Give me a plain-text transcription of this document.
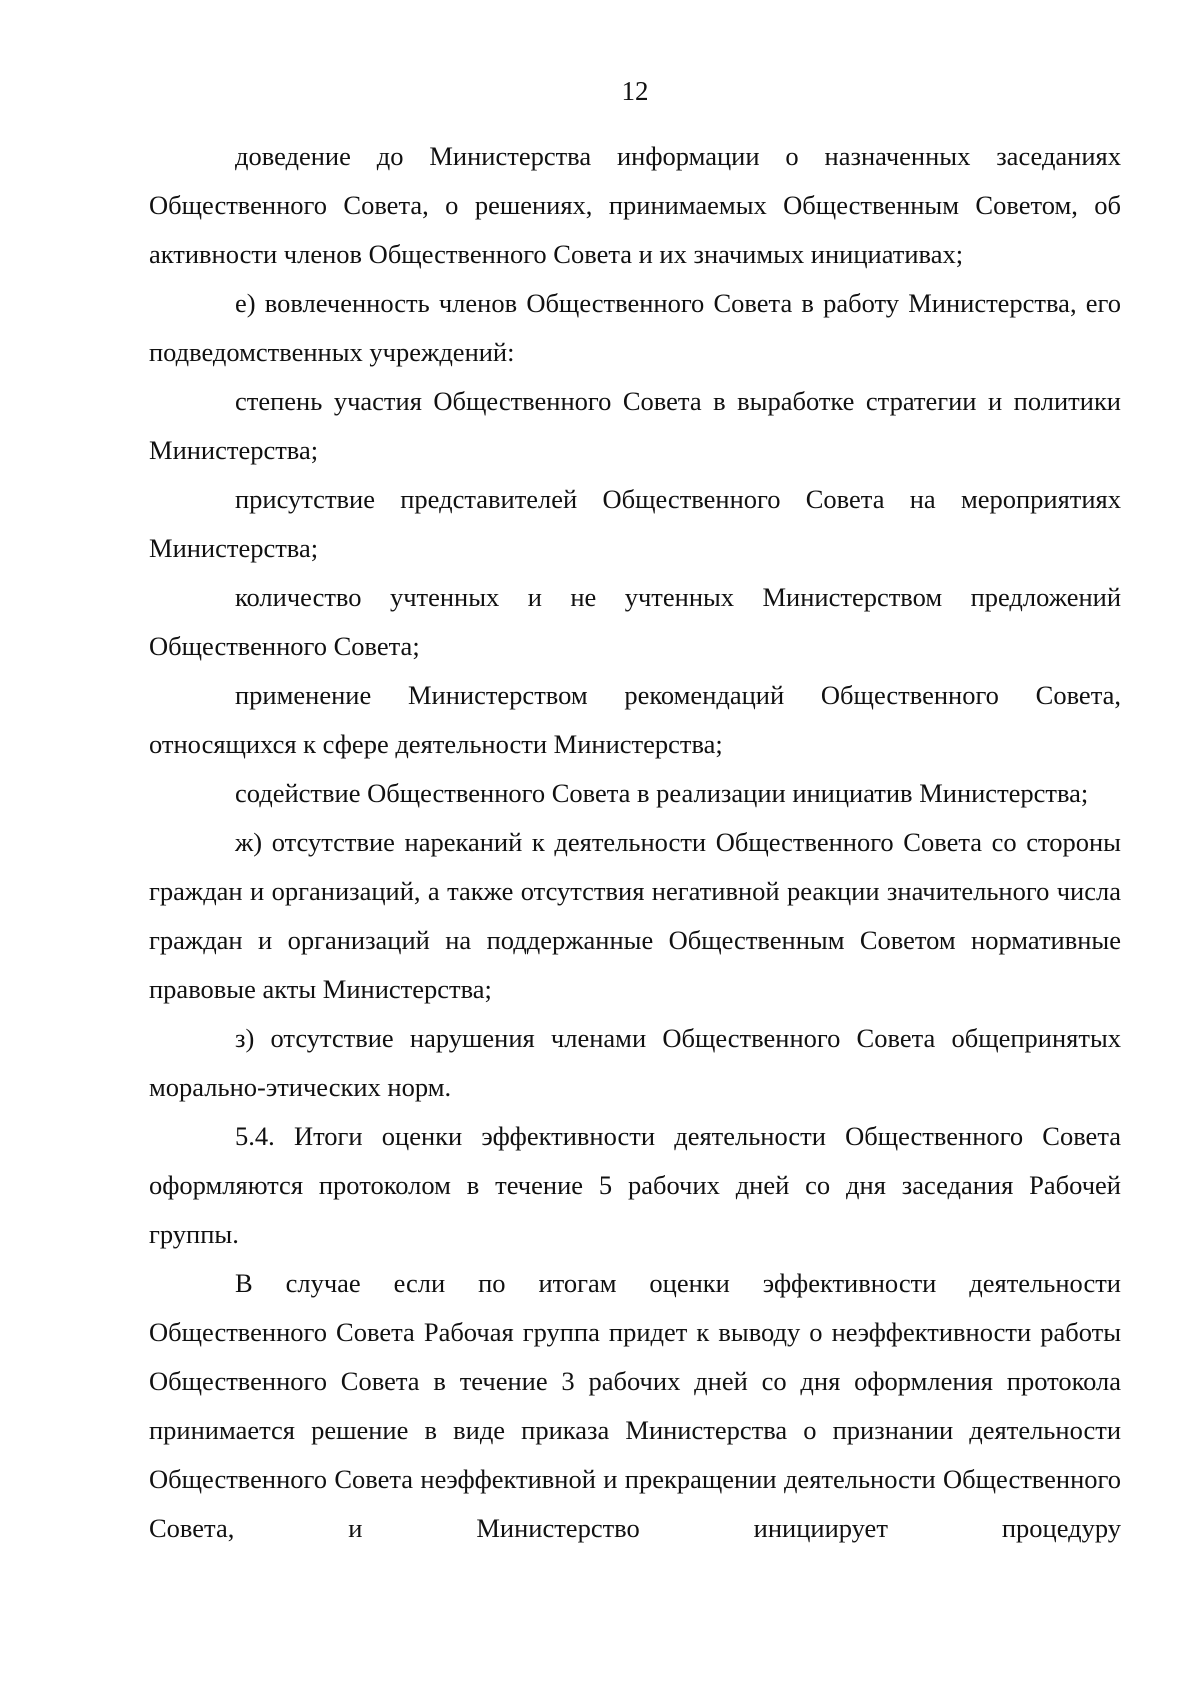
12

доведение до Министерства информации о назначенных заседаниях Общественного Совета, о решениях, принимаемых Общественным Советом, об активности членов Общественного Совета и их значимых инициативах;

е) вовлеченность членов Общественного Совета в работу Министерства, его подведомственных учреждений:

степень участия Общественного Совета в выработке стратегии и политики Министерства;

присутствие представителей Общественного Совета на мероприятиях Министерства;

количество учтенных и не учтенных Министерством предложений Общественного Совета;

применение Министерством рекомендаций Общественного Совета, относящихся к сфере деятельности Министерства;

содействие Общественного Совета в реализации инициатив Министерства;

ж) отсутствие нареканий к деятельности Общественного Совета со стороны граждан и организаций, а также отсутствия негативной реакции значительного числа граждан и организаций на поддержанные Общественным Советом нормативные правовые акты Министерства;

з) отсутствие нарушения членами Общественного Совета общепринятых морально-этических норм.

5.4. Итоги оценки эффективности деятельности Общественного Совета оформляются протоколом в течение 5 рабочих дней со дня заседания Рабочей группы.

В случае если по итогам оценки эффективности деятельности Общественного Совета Рабочая группа придет к выводу о неэффективности работы Общественного Совета в течение 3 рабочих дней со дня оформления протокола принимается решение в виде приказа Министерства о признании деятельности Общественного Совета неэффективной и прекращении деятельности Общественного Совета, и Министерство инициирует процедуру
